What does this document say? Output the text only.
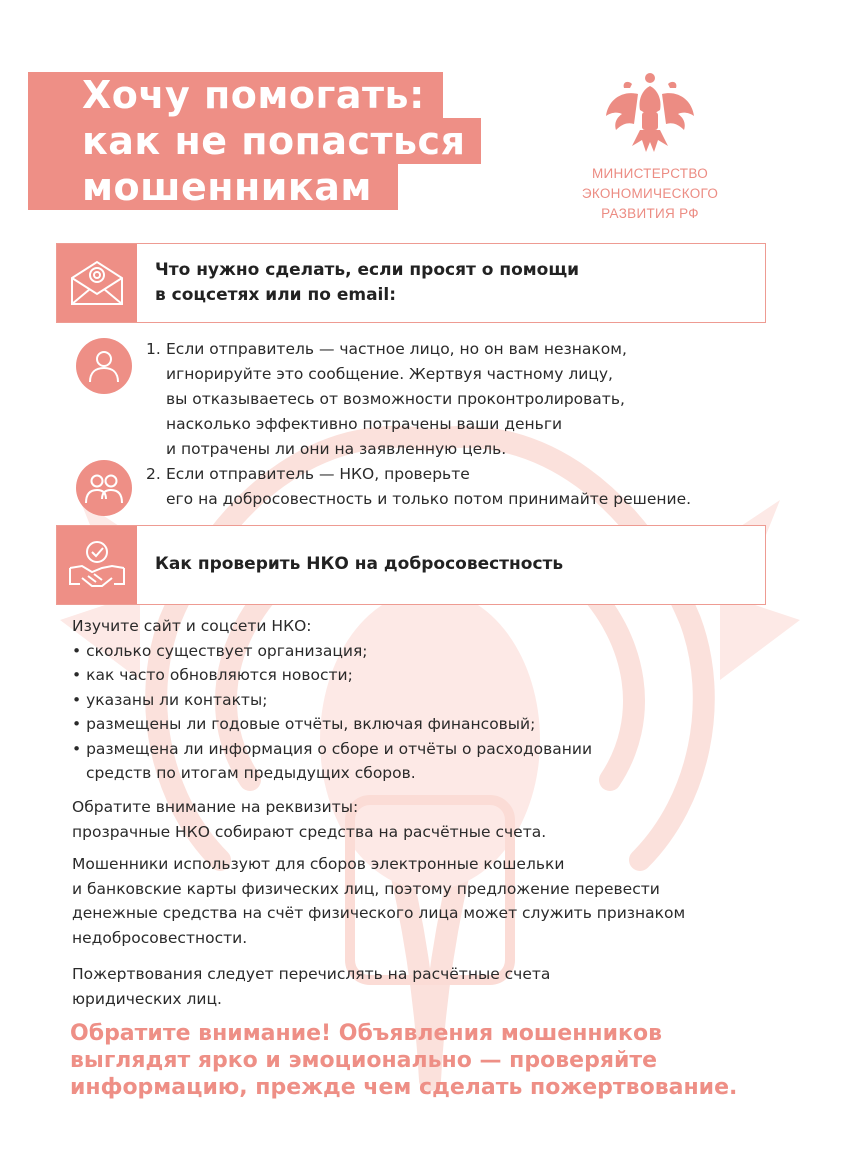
Хочу помогать:
как не попасться
мошенникам	МИНИСТЕРСТВО
ЭКОНОМИЧЕСКОГО
РАЗВИТИЯ РФ
Что нужно сделать, если просят о помощи
в соцсетях или по email:
1. Если отправитель — частное лицо, но он вам незнаком,
игнорируйте это сообщение. Жертвуя частному лицу,
вы отказываетесь от возможности проконтролировать,
насколько эффективно потрачены ваши деньги
и потрачены ли они на заявленную цель.
2. Если отправитель — НКО, проверьте
его на добросовестность и только потом принимайте решение.
Как проверить НКО на добросовестность
Изучите сайт и соцсети НКО:
• сколько существует организация;
• как часто обновляются новости;
• указаны ли контакты;
• размещены ли годовые отчёты, включая финансовый;
• размещена ли информация о сборе и отчёты о расходовании
средств по итогам предыдущих сборов.
Обратите внимание на реквизиты:
прозрачные НКО собирают средства на расчётные счета.
Мошенники используют для сборов электронные кошельки
и банковские карты физических лиц, поэтому предложение перевести
денежные средства на счёт физического лица может служить признаком
недобросовестности.
Пожертвования следует перечислять на расчётные счета
юридических лиц.
Обратите внимание! Объявления мошенников
выглядят ярко и эмоционально — проверяйте
информацию, прежде чем сделать пожертвование.
